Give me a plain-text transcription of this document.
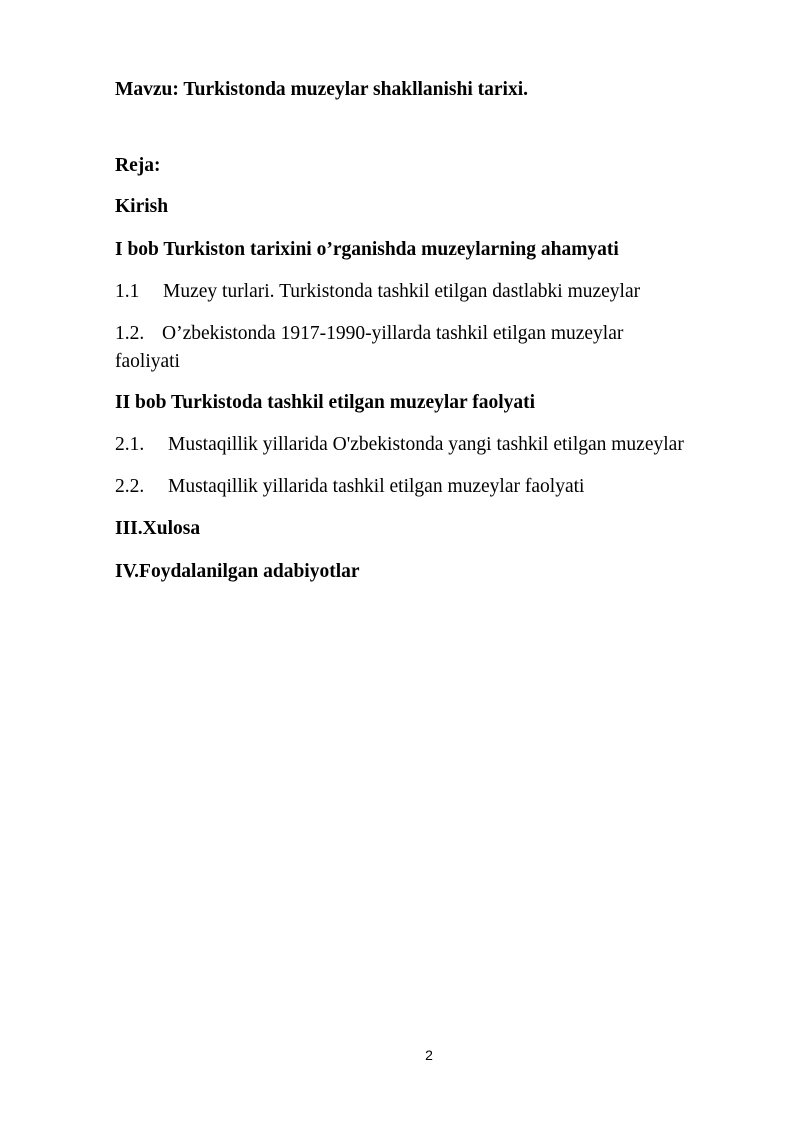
Mavzu: Turkistonda muzeylar shakllanishi tarixi.
Reja:
Kirish
I bob Turkiston tarixini o’rganishda muzeylarning ahamyati
1.1 Muzey turlari. Turkistonda tashkil etilgan dastlabki muzeylar
1.2. O’zbekistonda 1917-1990-yillarda tashkil etilgan muzeylar
faoliyati
II bob Turkistoda tashkil etilgan muzeylar faolyati
2.1. Mustaqillik yillarida O'zbekistonda yangi tashkil etilgan muzeylar
2.2. Mustaqillik yillarida tashkil etilgan muzeylar faolyati
III.Xulosa
IV.Foydalanilgan adabiyotlar
2
